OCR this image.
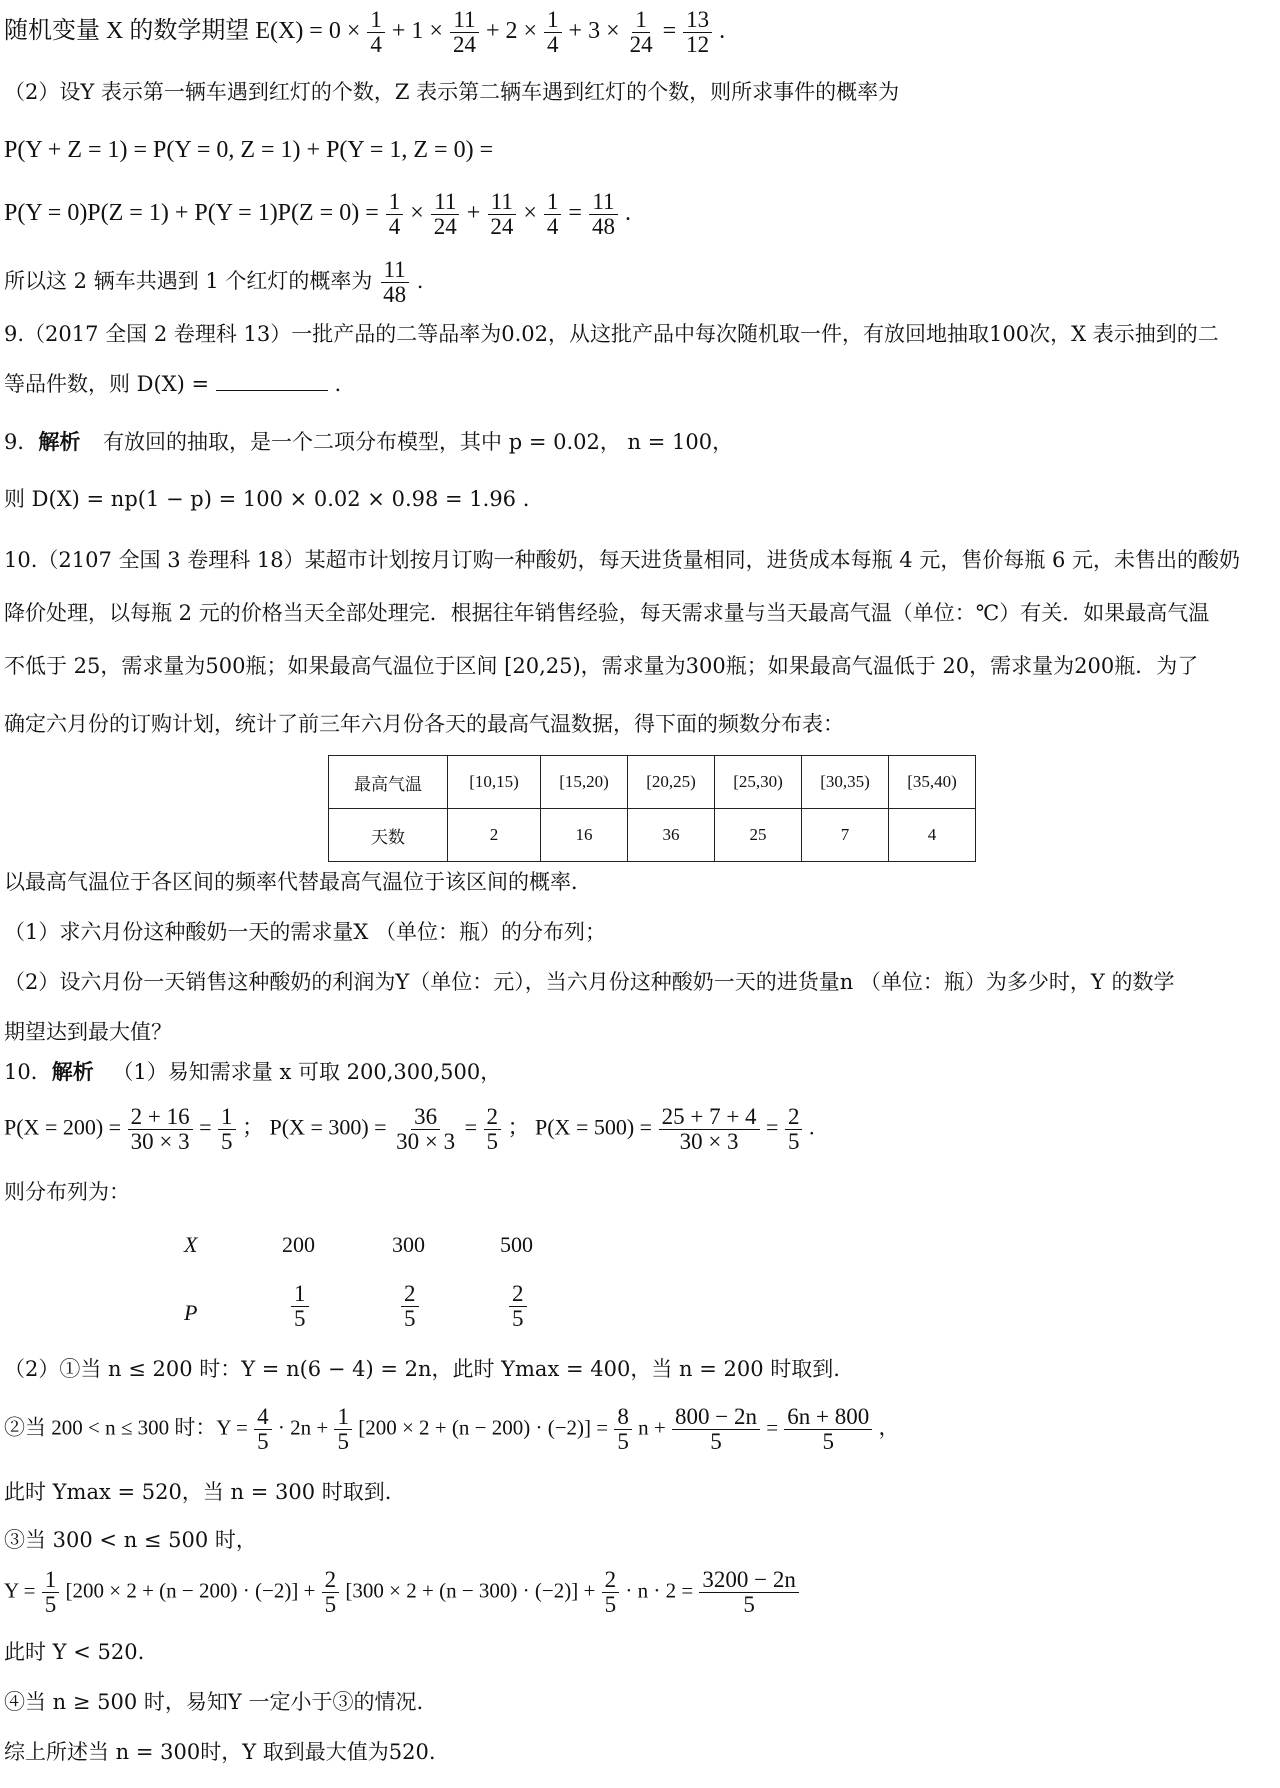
随机变量 X 的数学期望 $E(X) = 0 \times \frac{1}{4} + 1 \times \frac{11}{24} + 2 \times \frac{1}{4} + 3 \times \frac{1}{24} = \frac{13}{12}$ .
（2）设Y 表示第一辆车遇到红灯的个数，Z 表示第二辆车遇到红灯的个数，则所求事件的概率为
P(Y + Z = 1) = P(Y = 0, Z = 1) + P(Y = 1, Z = 0) =
$P(Y = 0)P(Z = 1) + P(Y = 1)P(Z = 0) = \frac{1}{4} \times \frac{11}{24} + \frac{11}{24} \times \frac{1}{4} = \frac{11}{48}$ .
所以这 2 辆车共遇到 1 个红灯的概率为 $\frac{11}{48}$ .
9.（2017 全国 2 卷理科 13）一批产品的二等品率为0.02，从这批产品中每次随机取一件，有放回地抽取100次，X 表示抽到的二
等品件数，则 D(X) =	.
9．解析 有放回的抽取，是一个二项分布模型，其中 p = 0.02， n = 100，
则 D(X) = np(1 − p) = 100 × 0.02 × 0.98 = 1.96 .
10.（2107 全国 3 卷理科 18）某超市计划按月订购一种酸奶，每天进货量相同，进货成本每瓶 4 元，售价每瓶 6 元，未售出的酸奶
降价处理，以每瓶 2 元的价格当天全部处理完．根据往年销售经验，每天需求量与当天最高气温（单位：℃）有关．如果最高气温
不低于 25，需求量为500瓶；如果最高气温位于区间 [20,25)，需求量为300瓶；如果最高气温低于 20，需求量为200瓶．为了
确定六月份的订购计划，统计了前三年六月份各天的最高气温数据，得下面的频数分布表：
最高气温	[10,15)	[15,20)	[20,25)	[25,30)	[30,35)	[35,40)
天数	2	16	36	25	7	4
以最高气温位于各区间的频率代替最高气温位于该区间的概率．
（1）求六月份这种酸奶一天的需求量X （单位：瓶）的分布列；
（2）设六月份一天销售这种酸奶的利润为Y（单位：元），当六月份这种酸奶一天的进货量n （单位：瓶）为多少时，Y 的数学
期望达到最大值？
10．解析 （1）易知需求量 x 可取 200,300,500，
$P(X = 200) = \frac{2 + 16}{30 \times 3} = \frac{1}{5}$ ； $P(X = 300) = \frac{36}{30 \times 3} = \frac{2}{5}$ ； $P(X = 500) = \frac{25 + 7 + 4}{30 \times 3} = \frac{2}{5}$ .
则分布列为：
X	200	300	500
P	$\frac{1}{5}$	$\frac{2}{5}$	$\frac{2}{5}$
（2）①当 n ≤ 200 时：Y = n(6 − 4) = 2n，此时 Ymax = 400，当 n = 200 时取到.
②当 200 < n ≤ 300 时：$Y = \frac{4}{5} \cdot 2n + \frac{1}{5} [200 \times 2 + (n - 200) \cdot (-2)] = \frac{8}{5}$ $n + \frac{800 - 2n}{5} = \frac{6n + 800}{5}$ ，
此时 Ymax = 520，当 n = 300 时取到.
③当 300 < n ≤ 500 时，
$Y = \frac{1}{5} [200 \times 2 + (n - 200) \cdot (-2)] + \frac{2}{5} [300 \times 2 + (n - 300) \cdot (-2)] + \frac{2}{5} \cdot n \cdot 2 = \frac{3200 - 2n}{5}$
此时 Y < 520.
④当 n ≥ 500 时，易知Y 一定小于③的情况.
综上所述当 n = 300时，Y 取到最大值为520.
